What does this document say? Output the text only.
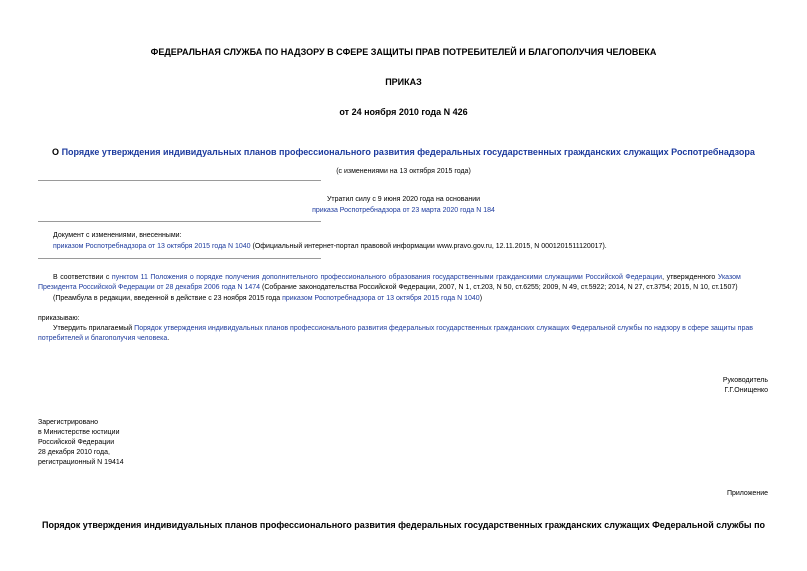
ФЕДЕРАЛЬНАЯ СЛУЖБА ПО НАДЗОРУ В СФЕРЕ ЗАЩИТЫ ПРАВ ПОТРЕБИТЕЛЕЙ И БЛАГОПОЛУЧИЯ ЧЕЛОВЕКА
ПРИКАЗ
от 24 ноября 2010 года N 426
О Порядке утверждения индивидуальных планов профессионального развития федеральных государственных гражданских служащих Роспотребнадзора
(с изменениями на 13 октября 2015 года)
Утратил силу с 9 июня 2020 года на основании
приказа Роспотребнадзора от 23 марта 2020 года N 184
Документ с изменениями, внесенными:
приказом Роспотребнадзора от 13 октября 2015 года N 1040 (Официальный интернет-портал правовой информации www.pravo.gov.ru, 12.11.2015, N 0001201511120017).
В соответствии с пунктом 11 Положения о порядке получения дополнительного профессионального образования государственными гражданскими служащими Российской Федерации, утвержденного Указом
Президента Российской Федерации от 28 декабря 2006 года N 1474 (Собрание законодательства Российской Федерации, 2007, N 1, ст.203, N 50, ст.6255; 2009, N 49, ст.5922; 2014, N 27, ст.3754; 2015, N 10, ст.1507)
(Преамбула в редакции, введенной в действие с 23 ноября 2015 года приказом Роспотребнадзора от 13 октября 2015 года N 1040)
приказываю:
Утвердить прилагаемый Порядок утверждения индивидуальных планов профессионального развития федеральных государственных гражданских служащих Федеральной службы по надзору в сфере защиты прав
потребителей и благополучия человека.
Руководитель
Г.Г.Онищенко
Зарегистрировано
в Министерстве юстиции
Российской Федерации
28 декабря 2010 года,
регистрационный N 19414
Приложение
Порядок утверждения индивидуальных планов профессионального развития федеральных государственных гражданских служащих Федеральной службы по
